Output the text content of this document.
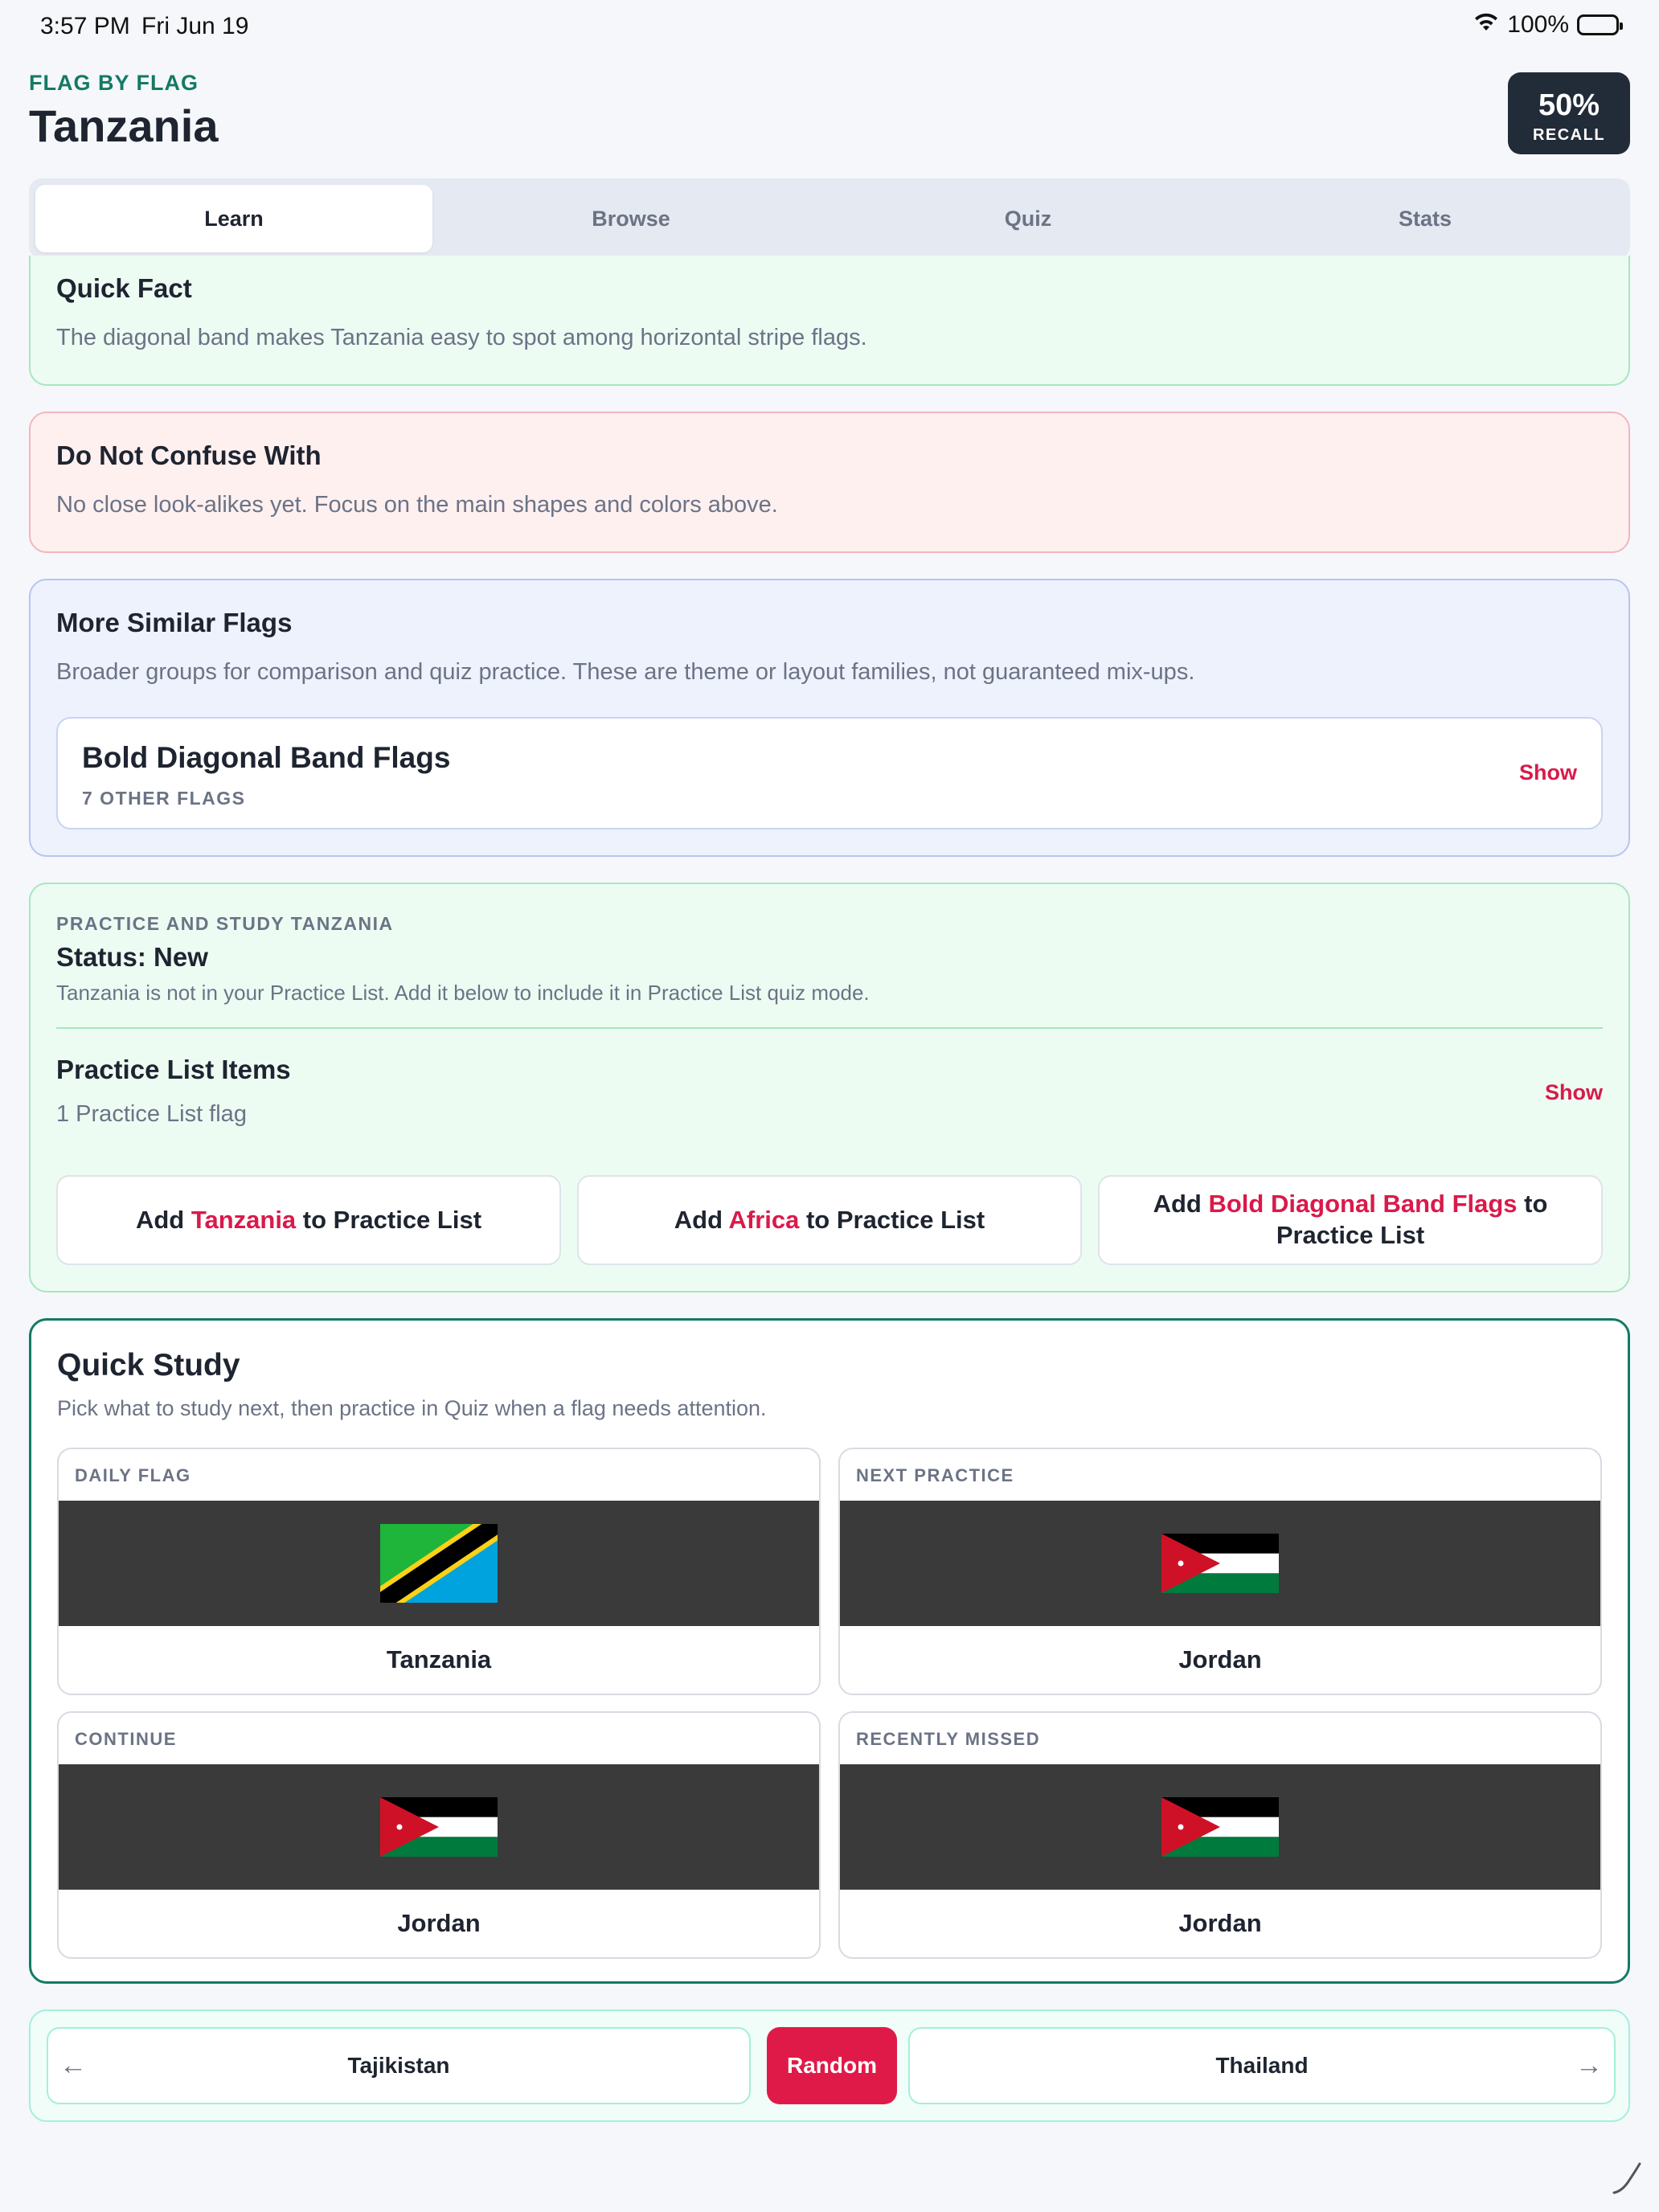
3:57 PM Fri Jun 19	100%
FLAG BY FLAG
Tanzania	50%
RECALL
Learn	Browse	Quiz	Stats
Quick Fact

The diagonal band makes Tanzania easy to spot among horizontal stripe flags.

Do Not Confuse With

No close look-alikes yet. Focus on the main shapes and colors above.

More Similar Flags

Broader groups for comparison and quiz practice. These are theme or layout families, not guaranteed mix-ups.

Bold Diagonal Band Flags
7 OTHER FLAGS
Show
PRACTICE AND STUDY TANZANIA
Status: New

Tanzania is not in your Practice List. Add it below to include it in Practice List quiz mode.

Practice List Items

1 Practice List flag

Show
Add Tanzania to Practice List	Add Africa to Practice List
Add Bold Diagonal Band Flags to Practice List
Quick Study

Pick what to study next, then practice in Quiz when a flag needs attention.

DAILY FLAG
Tanzania
NEXT PRACTICE
Jordan
CONTINUE
Jordan
RECENTLY MISSED
Jordan
←	Tajikistan	Random	Thailand	→
